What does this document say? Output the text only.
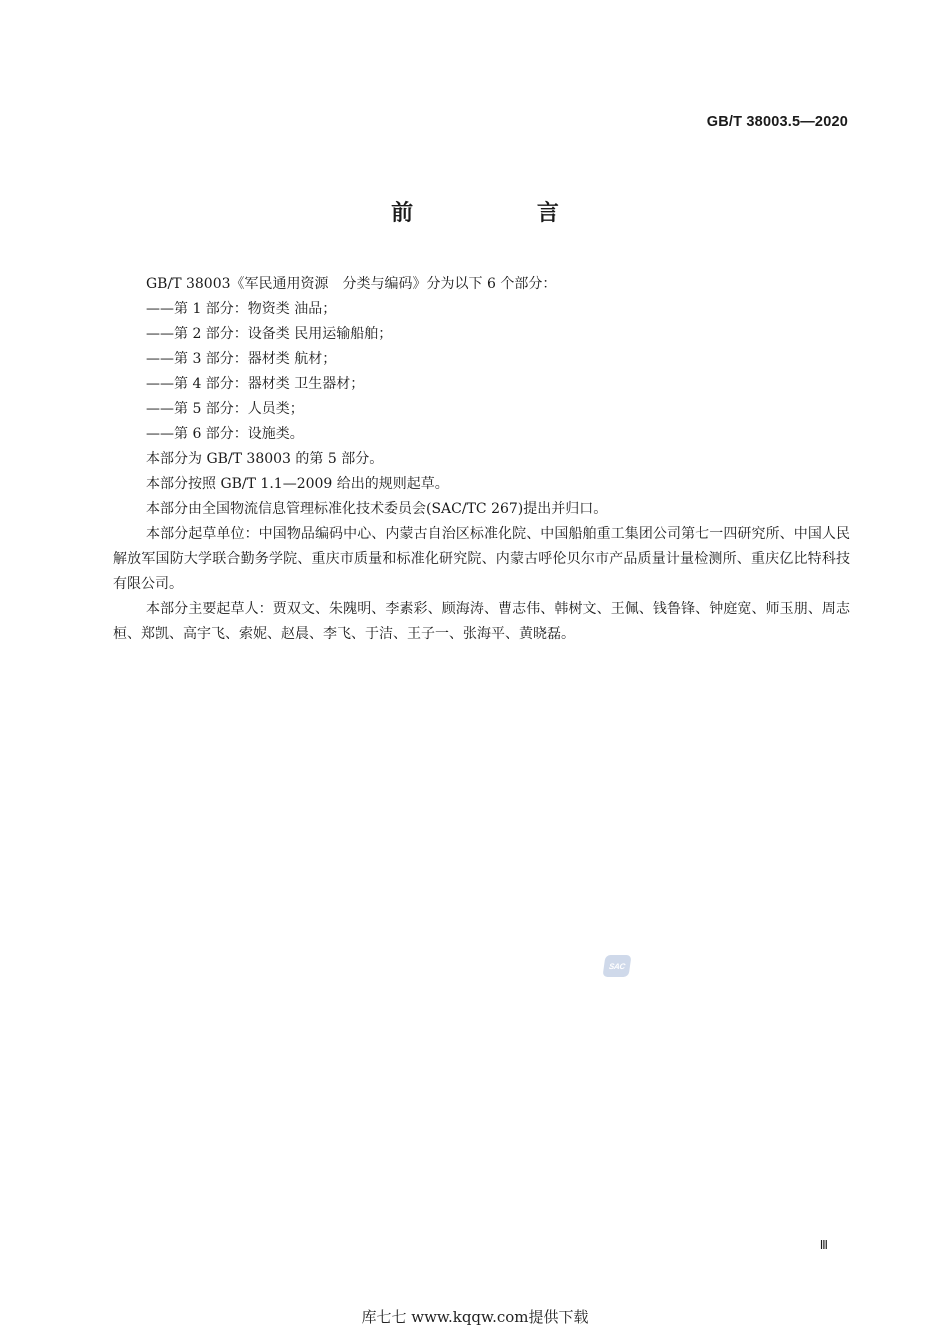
GB/T 38003.5—2020
前 言

GB/T 38003《军民通用资源　分类与编码》分为以下 6 个部分：

——第 1 部分：物资类 油品；

——第 2 部分：设备类 民用运输船舶；

——第 3 部分：器材类 航材；

——第 4 部分：器材类 卫生器材；

——第 5 部分：人员类；

——第 6 部分：设施类。

本部分为 GB/T 38003 的第 5 部分。

本部分按照 GB/T 1.1—2009 给出的规则起草。

本部分由全国物流信息管理标准化技术委员会(SAC/TC 267)提出并归口。

本部分起草单位：中国物品编码中心、内蒙古自治区标准化院、中国船舶重工集团公司第七一四研究所、中国人民解放军国防大学联合勤务学院、重庆市质量和标准化研究院、内蒙古呼伦贝尔市产品质量计量检测所、重庆亿比特科技有限公司。

本部分主要起草人：贾双文、朱隗明、李素彩、顾海涛、曹志伟、韩树文、王佩、钱鲁锋、钟庭宽、师玉朋、周志桓、郑凯、高宇飞、索妮、赵晨、李飞、于洁、王子一、张海平、黄晓磊。

SAC
Ⅲ
库七七 www.kqqw.com提供下载
